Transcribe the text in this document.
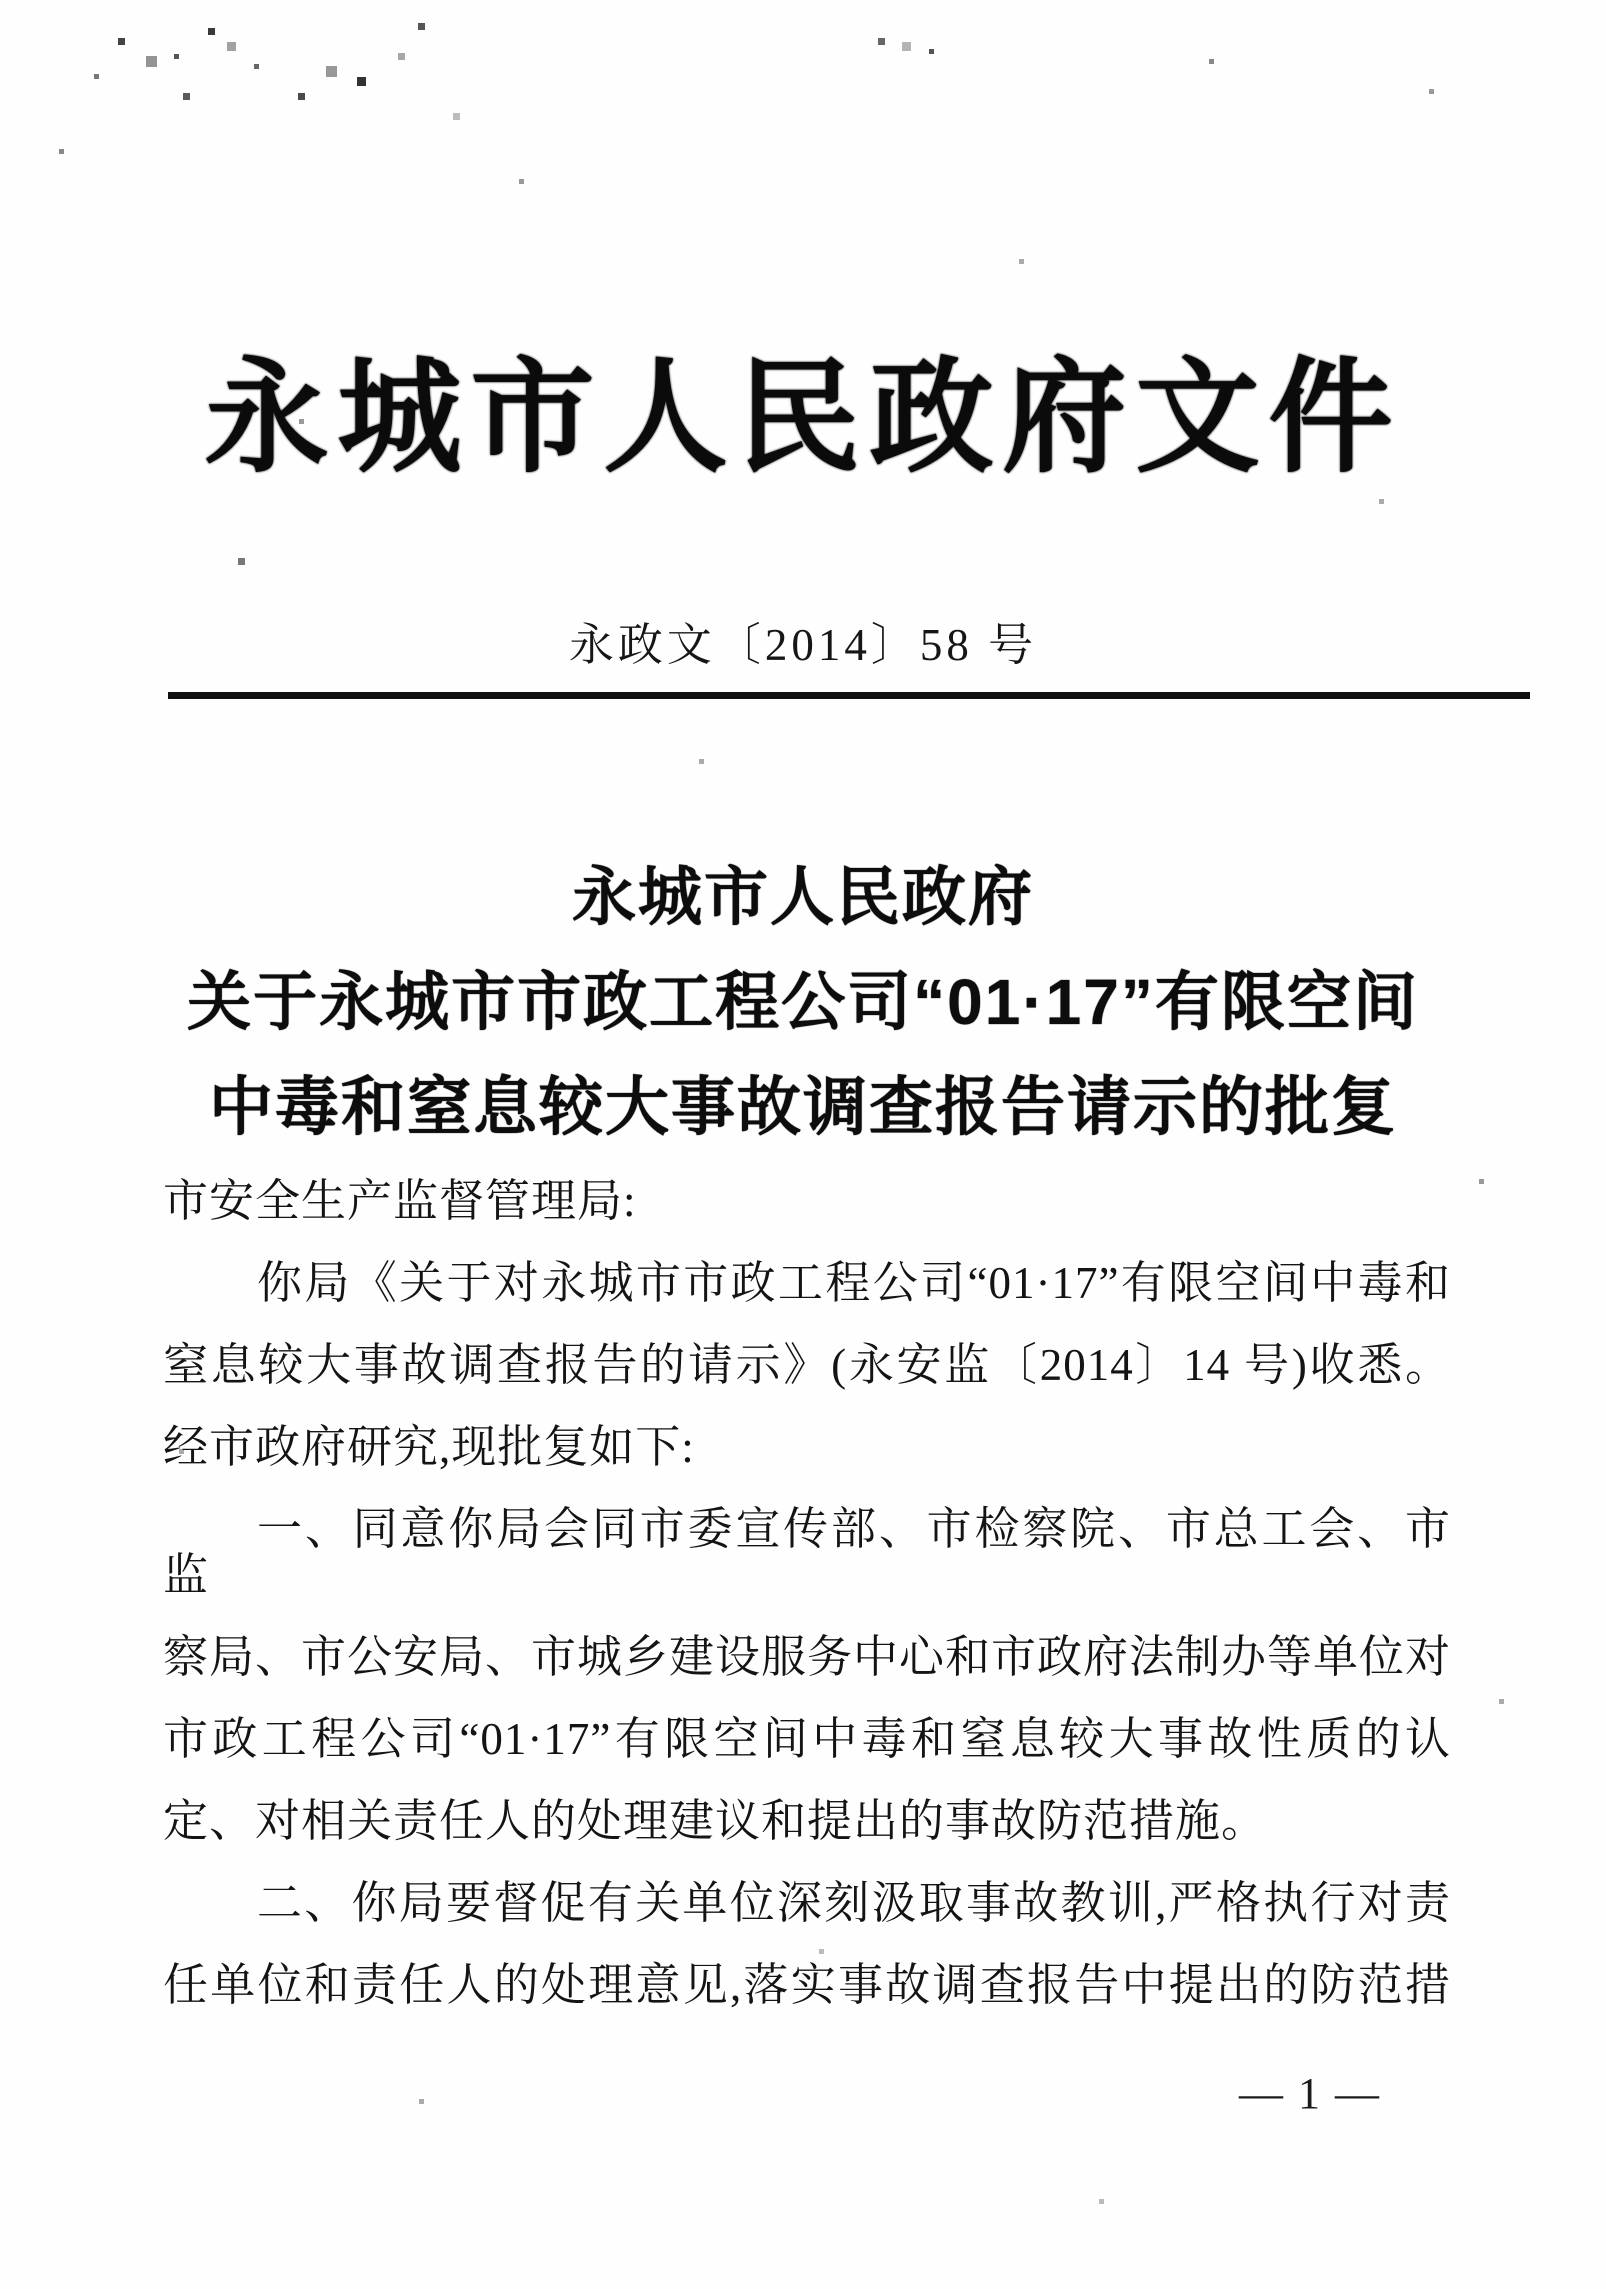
永城市人民政府文件
永政文〔2014〕58 号
永城市人民政府
关于永城市市政工程公司“01·17”有限空间
中毒和窒息较大事故调查报告请示的批复

市安全生产监督管理局:

你局《关于对永城市市政工程公司“01·17”有限空间中毒和

窒息较大事故调查报告的请示》(永安监〔2014〕14 号)收悉。

经市政府研究,现批复如下:

一、同意你局会同市委宣传部、市检察院、市总工会、市监

察局、市公安局、市城乡建设服务中心和市政府法制办等单位对

市政工程公司“01·17”有限空间中毒和窒息较大事故性质的认

定、对相关责任人的处理建议和提出的事故防范措施。

二、你局要督促有关单位深刻汲取事故教训,严格执行对责

任单位和责任人的处理意见,落实事故调查报告中提出的防范措

— 1 —
